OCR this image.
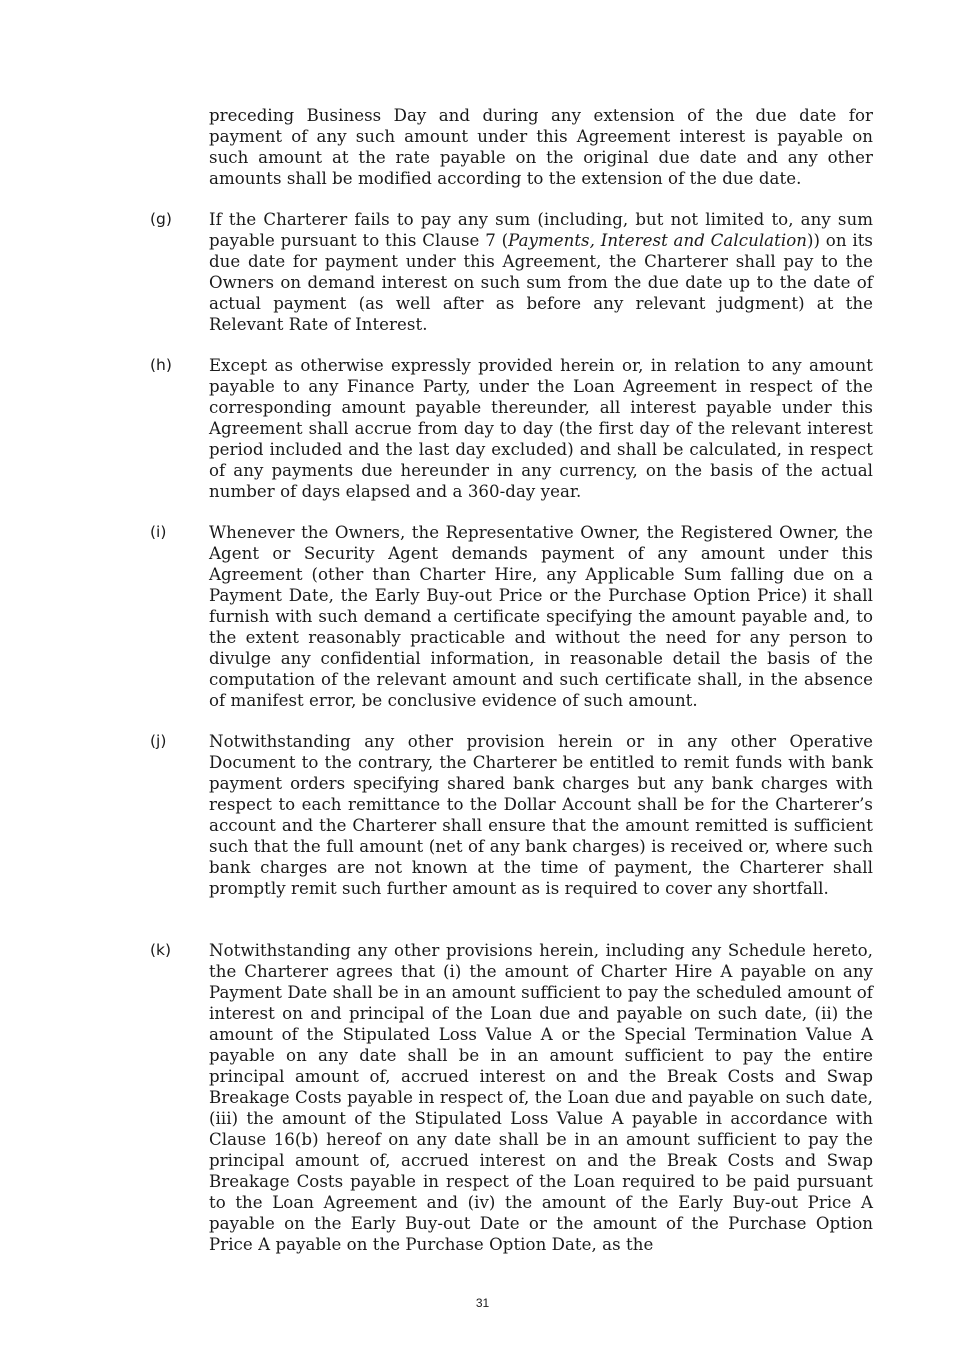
preceding Business Day and during any extension of the due date for payment of any such amount under this Agreement interest is payable on such amount at the rate payable on the original due date and any other amounts shall be modified according to the extension of the due date.

(g) If the Charterer fails to pay any sum (including, but not limited to, any sum payable pursuant to this Clause 7 (Payments, Interest and Calculation)) on its due date for payment under this Agreement, the Charterer shall pay to the Owners on demand interest on such sum from the due date up to the date of actual payment (as well after as before any relevant judgment) at the Relevant Rate of Interest.

(h) Except as otherwise expressly provided herein or, in relation to any amount payable to any Finance Party, under the Loan Agreement in respect of the corresponding amount payable thereunder, all interest payable under this Agreement shall accrue from day to day (the first day of the relevant interest period included and the last day excluded) and shall be calculated, in respect of any payments due hereunder in any currency, on the basis of the actual number of days elapsed and a 360-day year.

(i)	Whenever the Owners, the Representative Owner, the Registered Owner, the Agent or Security Agent demands payment of any amount under this Agreement (other than Charter Hire, any Applicable Sum falling due on a Payment Date, the Early Buy-out Price or the Purchase Option Price) it shall furnish with such demand a certificate specifying the amount payable and, to the extent reasonably practicable and without the need for any person to divulge any confidential information, in reasonable detail the basis of the computation of the relevant amount and such certificate shall, in the absence of manifest error, be conclusive evidence of such amount.

(j)	Notwithstanding any other provision herein or in any other Operative Document to the contrary, the Charterer be entitled to remit funds with bank payment orders specifying shared bank charges but any bank charges with respect to each remittance to the Dollar Account shall be for the Charterer’s account and the Charterer shall ensure that the amount remitted is sufficient such that the full amount (net of any bank charges) is received or, where such bank charges are not known at the time of payment, the Charterer shall promptly remit such further amount as is required to cover any shortfall.

(k) Notwithstanding any other provisions herein, including any Schedule hereto, the Charterer agrees that (i) the amount of Charter Hire A payable on any Payment Date shall be in an amount sufficient to pay the scheduled amount of interest on and principal of the Loan due and payable on such date, (ii) the amount of the Stipulated Loss Value A or the Special Termination Value A payable on any date shall be in an amount sufficient to pay the entire principal amount of, accrued interest on and the Break Costs and Swap Breakage Costs payable in respect of, the Loan due and payable on such date, (iii) the amount of the Stipulated Loss Value A payable in accordance with Clause 16(b) hereof on any date shall be in an amount sufficient to pay the principal amount of, accrued interest on and the Break Costs and Swap Breakage Costs payable in respect of the Loan required to be paid pursuant to the Loan Agreement and (iv) the amount of the Early Buy-out Price A payable on the Early Buy-out Date or the amount of the Purchase Option Price A payable on the Purchase Option Date, as the

31
